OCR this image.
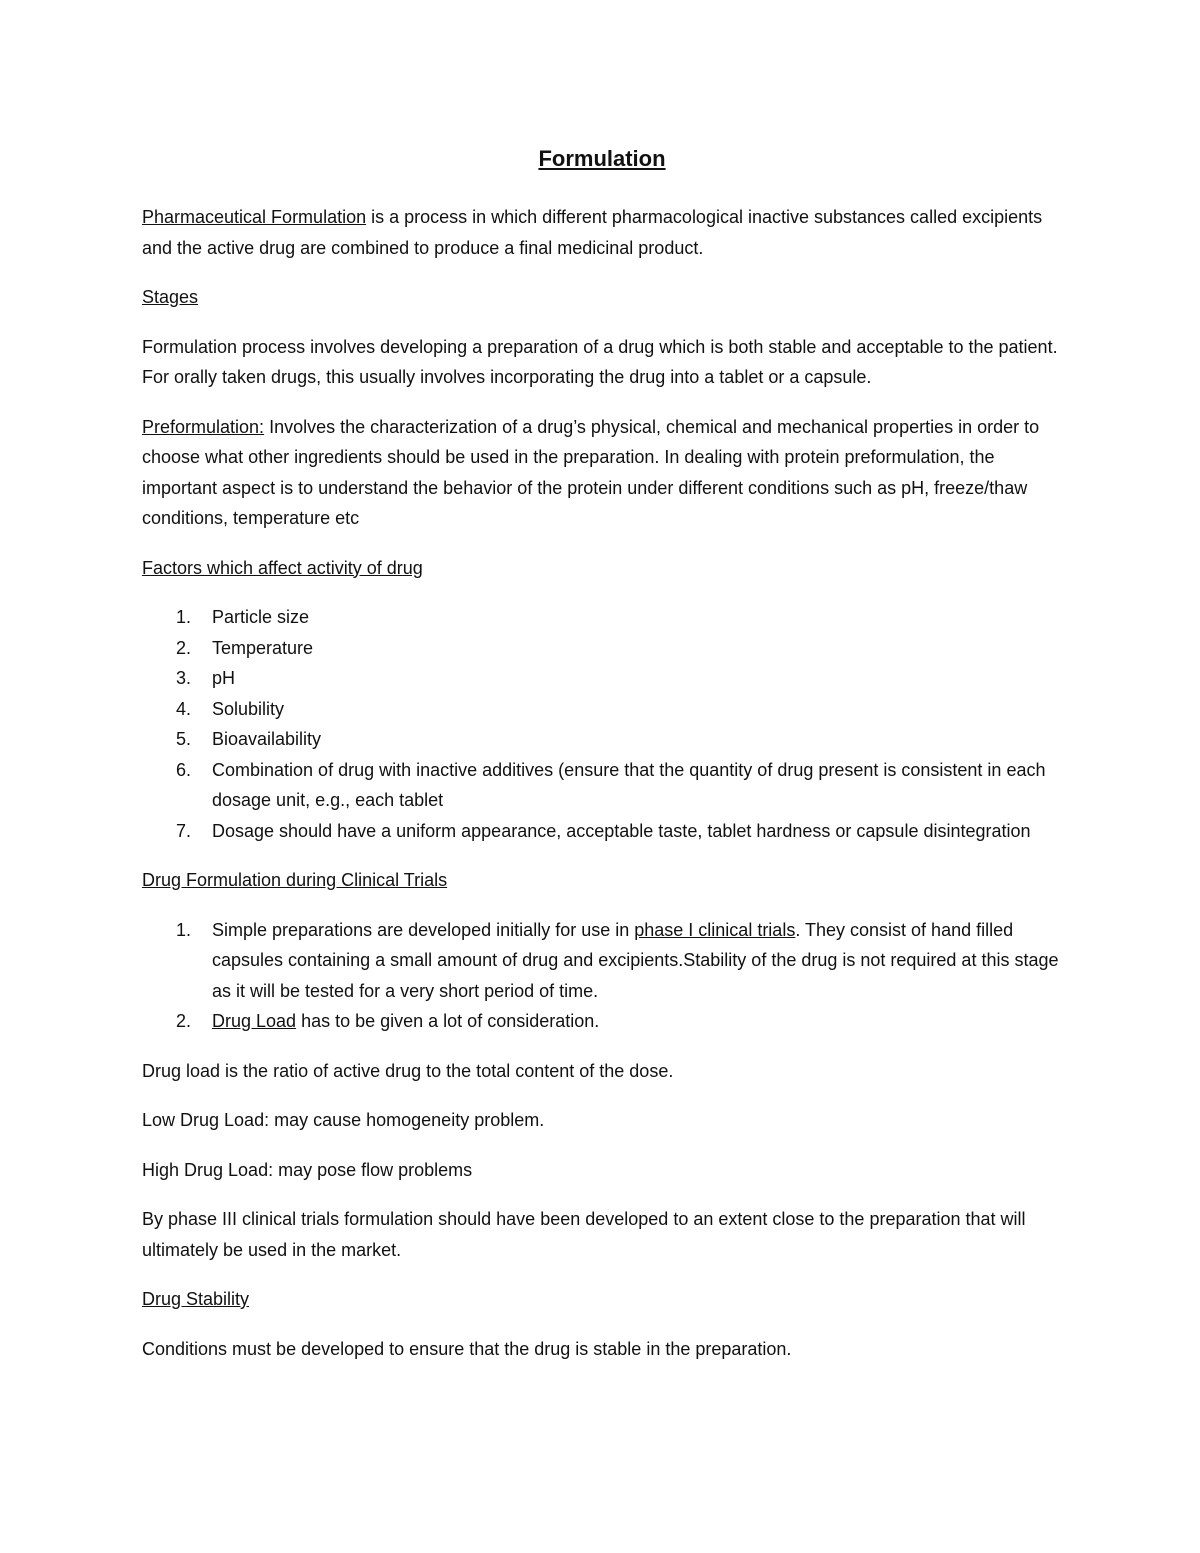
Formulation

Pharmaceutical Formulation is a process in which different pharmacological inactive substances called excipients and the active drug are combined to produce a final medicinal product.

Stages

Formulation process involves developing a preparation of a drug which is both stable and acceptable to the patient. For orally taken drugs, this usually involves incorporating the drug into a tablet or a capsule.

Preformulation: Involves the characterization of a drug’s physical, chemical and mechanical properties in order to choose what other ingredients should be used in the preparation. In dealing with protein preformulation, the important aspect is to understand the behavior of the protein under different conditions such as pH, freeze/thaw conditions, temperature etc

Factors which affect activity of drug

1. Particle size
2. Temperature
3. pH
4. Solubility
5. Bioavailability
6. Combination of drug with inactive additives (ensure that the quantity of drug present is consistent in each dosage unit, e.g., each tablet
7. Dosage should have a uniform appearance, acceptable taste, tablet hardness or capsule disintegration

Drug Formulation during Clinical Trials

1. Simple preparations are developed initially for use in phase I clinical trials. They consist of hand filled capsules containing a small amount of drug and excipients.Stability of the drug is not required at this stage as it will be tested for a very short period of time.
2. Drug Load has to be given a lot of consideration.

Drug load is the ratio of active drug to the total content of the dose.

Low Drug Load: may cause homogeneity problem.

High Drug Load: may pose flow problems

By phase III clinical trials formulation should have been developed to an extent close to the preparation that will ultimately be used in the market.

Drug Stability

Conditions must be developed to ensure that the drug is stable in the preparation.
